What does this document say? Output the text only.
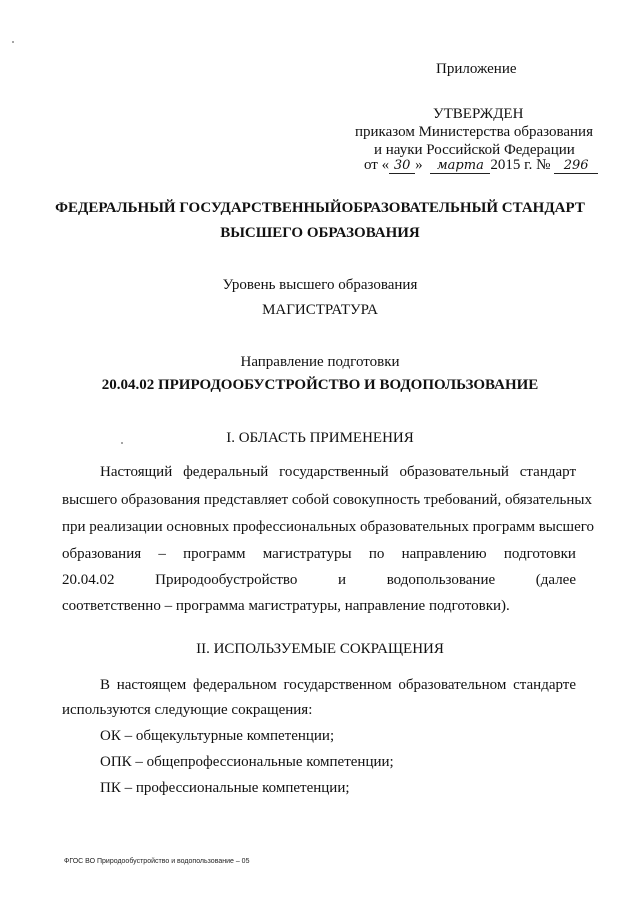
Приложение
УТВЕРЖДЕН
приказом Министерства образования
и науки Российской Федерации
от « 30 » марта 2015 г. № 296
ФЕДЕРАЛЬНЫЙ ГОСУДАРСТВЕННЫЙОБРАЗОВАТЕЛЬНЫЙ СТАНДАРТ
ВЫСШЕГО ОБРАЗОВАНИЯ
Уровень высшего образования
МАГИСТРАТУРА
Направление подготовки
20.04.02 ПРИРОДООБУСТРОЙСТВО И ВОДОПОЛЬЗОВАНИЕ
I. ОБЛАСТЬ ПРИМЕНЕНИЯ
Настоящий федеральный государственный образовательный стандарт
высшего образования представляет собой совокупность требований, обязательных
при реализации основных профессиональных образовательных программ высшего
образования – программ магистратуры по направлению подготовки
20.04.02	Природообустройство	и	водопользование	(далее
соответственно – программа магистратуры, направление подготовки).
II. ИСПОЛЬЗУЕМЫЕ СОКРАЩЕНИЯ
В настоящем федеральном государственном образовательном стандарте
используются следующие сокращения:
ОК – общекультурные компетенции;
ОПК – общепрофессиональные компетенции;
ПК – профессиональные компетенции;
ФГОС ВО Природообустройство и водопользование – 05
